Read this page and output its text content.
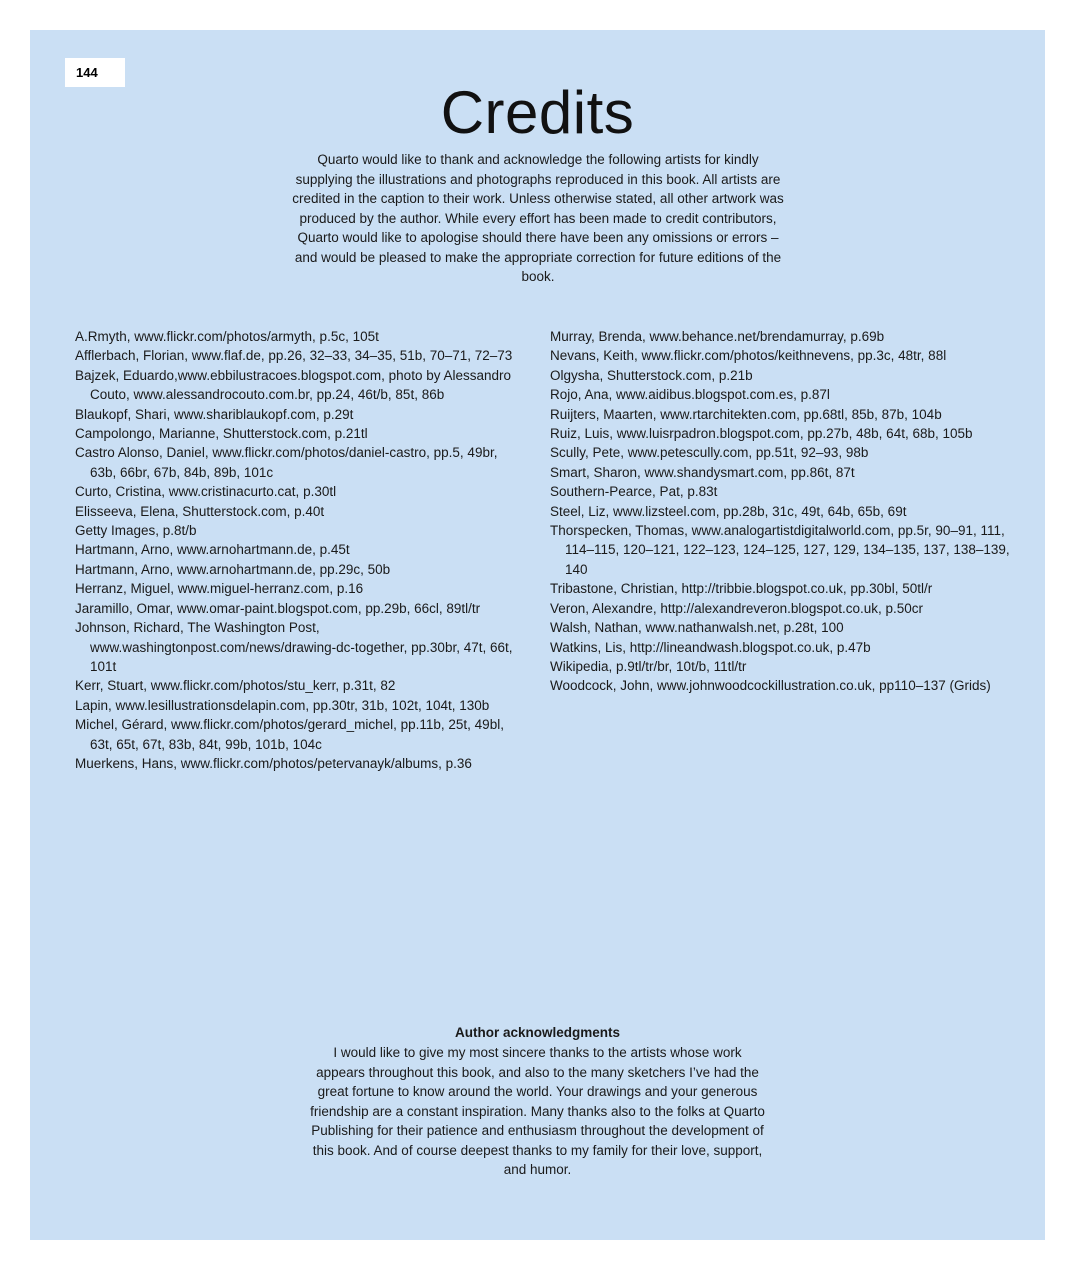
144
Credits

Quarto would like to thank and acknowledge the following artists for kindly supplying the illustrations and photographs reproduced in this book. All artists are credited in the caption to their work. Unless otherwise stated, all other artwork was produced by the author. While every effort has been made to credit contributors, Quarto would like to apologise should there have been any omissions or errors – and would be pleased to make the appropriate correction for future editions of the book.

A.Rmyth, www.flickr.com/photos/armyth, p.5c, 105t
Afflerbach, Florian, www.flaf.de, pp.26, 32–33, 34–35, 51b, 70–71, 72–73
Bajzek, Eduardo,www.ebbilustracoes.blogspot.com, photo by Alessandro Couto, www.alessandrocouto.com.br, pp.24, 46t/b, 85t, 86b
Blaukopf, Shari, www.shariblaukopf.com, p.29t
Campolongo, Marianne, Shutterstock.com, p.21tl
Castro Alonso, Daniel, www.flickr.com/photos/daniel-castro, pp.5, 49br, 63b, 66br, 67b, 84b, 89b, 101c
Curto, Cristina, www.cristinacurto.cat, p.30tl
Elisseeva, Elena, Shutterstock.com, p.40t
Getty Images, p.8t/b
Hartmann, Arno, www.arnohartmann.de, p.45t
Hartmann, Arno, www.arnohartmann.de, pp.29c, 50b
Herranz, Miguel, www.miguel-herranz.com, p.16
Jaramillo, Omar, www.omar-paint.blogspot.com, pp.29b, 66cl, 89tl/tr
Johnson, Richard, The Washington Post, www.washingtonpost.com/news/drawing-dc-together, pp.30br, 47t, 66t, 101t
Kerr, Stuart, www.flickr.com/photos/stu_kerr, p.31t, 82
Lapin, www.lesillustrationsdelapin.com, pp.30tr, 31b, 102t, 104t, 130b
Michel, Gérard, www.flickr.com/photos/gerard_michel, pp.11b, 25t, 49bl, 63t, 65t, 67t, 83b, 84t, 99b, 101b, 104c
Muerkens, Hans, www.flickr.com/photos/petervanayk/albums, p.36
Murray, Brenda, www.behance.net/brendamurray, p.69b
Nevans, Keith, www.flickr.com/photos/keithnevens, pp.3c, 48tr, 88l
Olgysha, Shutterstock.com, p.21b
Rojo, Ana, www.aidibus.blogspot.com.es, p.87l
Ruijters, Maarten, www.rtarchitekten.com, pp.68tl, 85b, 87b, 104b
Ruiz, Luis, www.luisrpadron.blogspot.com, pp.27b, 48b, 64t, 68b, 105b
Scully, Pete, www.petescully.com, pp.51t, 92–93, 98b
Smart, Sharon, www.shandysmart.com, pp.86t, 87t
Southern-Pearce, Pat, p.83t
Steel, Liz, www.lizsteel.com, pp.28b, 31c, 49t, 64b, 65b, 69t
Thorspecken, Thomas, www.analogartistdigitalworld.com, pp.5r, 90–91, 111, 114–115, 120–121, 122–123, 124–125, 127, 129, 134–135, 137, 138–139, 140
Tribastone, Christian, http://tribbie.blogspot.co.uk, pp.30bl, 50tl/r
Veron, Alexandre, http://alexandreveron.blogspot.co.uk, p.50cr
Walsh, Nathan, www.nathanwalsh.net, p.28t, 100
Watkins, Lis, http://lineandwash.blogspot.co.uk, p.47b
Wikipedia, p.9tl/tr/br, 10t/b, 11tl/tr
Woodcock, John, www.johnwoodcockillustration.co.uk, pp110–137 (Grids)
Author acknowledgments

I would like to give my most sincere thanks to the artists whose work appears throughout this book, and also to the many sketchers I’ve had the great fortune to know around the world. Your drawings and your generous friendship are a constant inspiration. Many thanks also to the folks at Quarto Publishing for their patience and enthusiasm throughout the development of this book. And of course deepest thanks to my family for their love, support, and humor.
